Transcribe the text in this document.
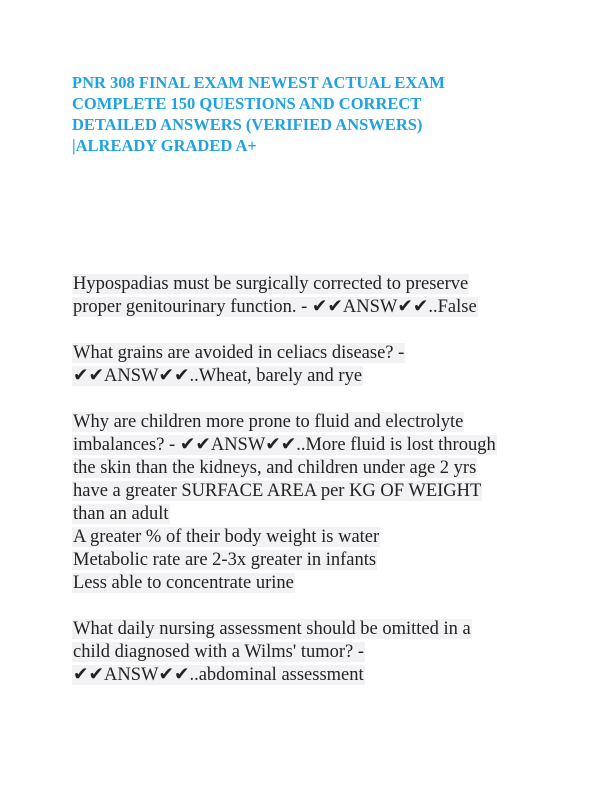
PNR 308 FINAL EXAM NEWEST ACTUAL EXAM
COMPLETE 150 QUESTIONS AND CORRECT
DETAILED ANSWERS (VERIFIED ANSWERS)
|ALREADY GRADED A+
Hypospadias must be surgically corrected to preserve
proper genitourinary function. - ✔✔ANSW✔✔..False
What grains are avoided in celiacs disease? -
✔✔ANSW✔✔..Wheat, barely and rye
Why are children more prone to fluid and electrolyte
imbalances? - ✔✔ANSW✔✔..More fluid is lost through
the skin than the kidneys, and children under age 2 yrs
have a greater SURFACE AREA per KG OF WEIGHT
than an adult
A greater % of their body weight is water
Metabolic rate are 2-3x greater in infants
Less able to concentrate urine
What daily nursing assessment should be omitted in a
child diagnosed with a Wilms' tumor? -
✔✔ANSW✔✔..abdominal assessment
